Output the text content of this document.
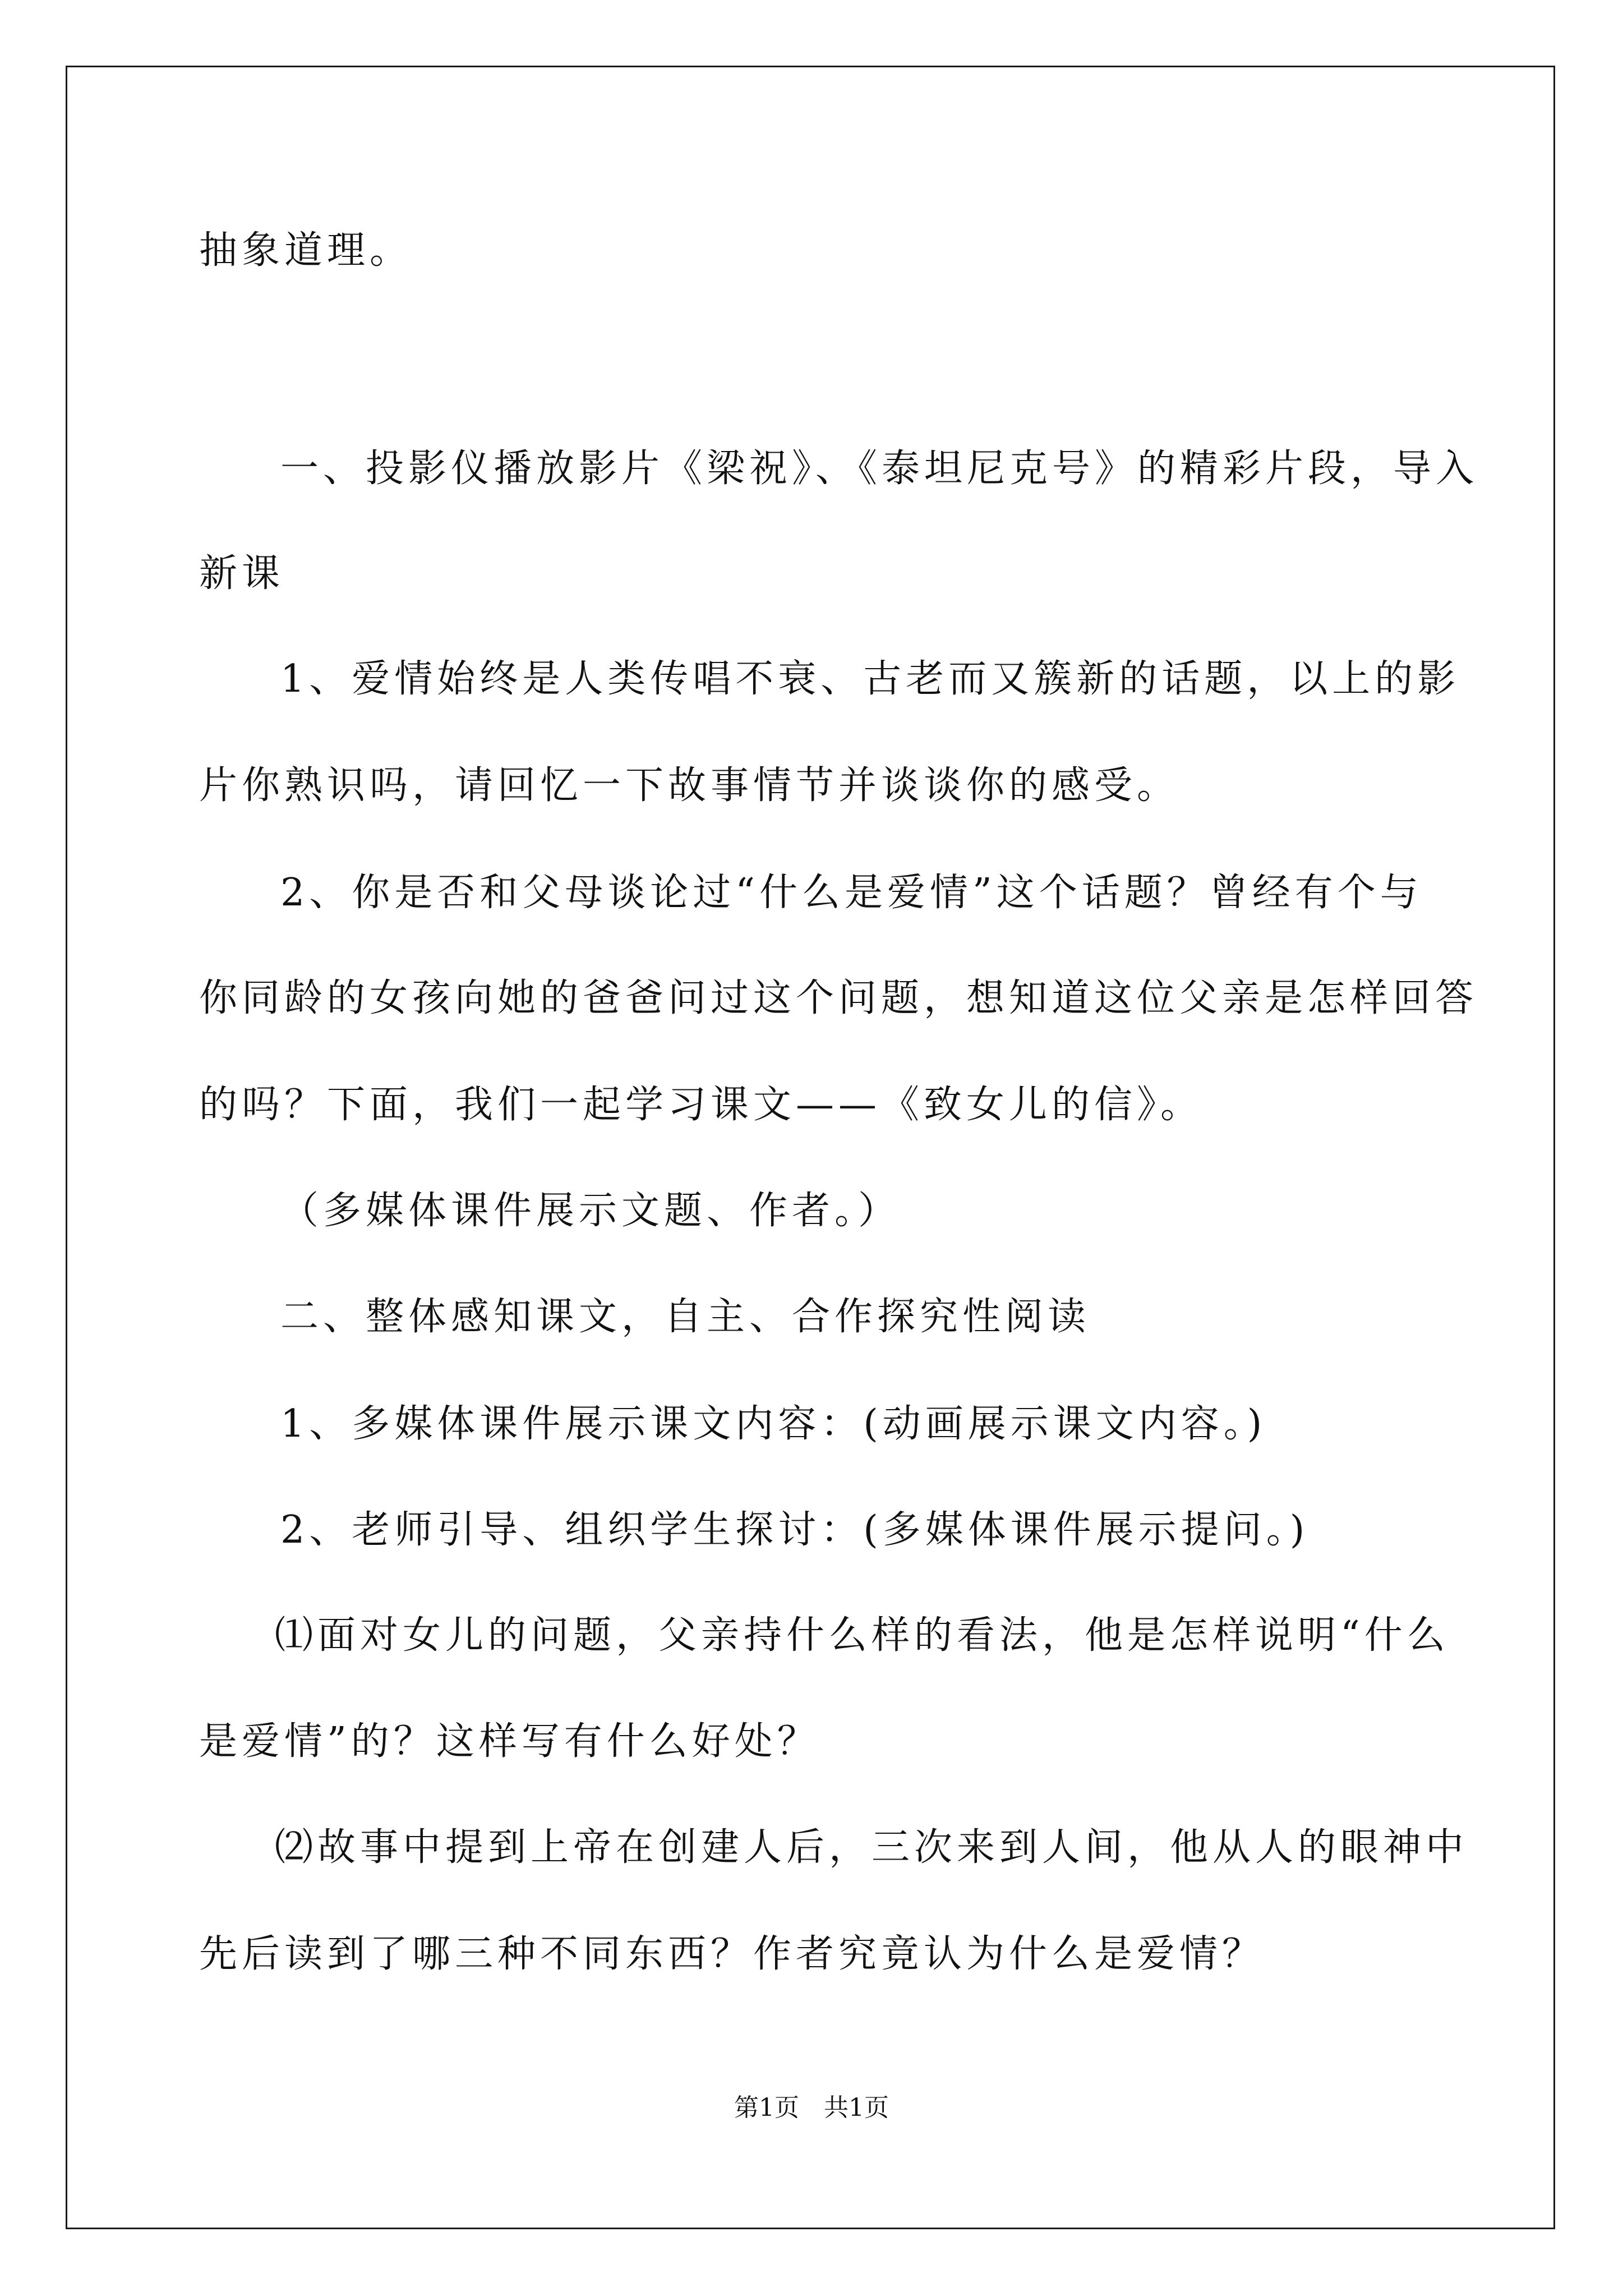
抽象道理。
一、投影仪播放影片《梁祝》、《泰坦尼克号》的精彩片段，导入
新课
1、爱情始终是人类传唱不衰、古老而又簇新的话题，以上的影
片你熟识吗，请回忆一下故事情节并谈谈你的感受。
2、你是否和父母谈论过“什么是爱情”这个话题？曾经有个与
你同龄的女孩向她的爸爸问过这个问题，想知道这位父亲是怎样回答
的吗？下面，我们一起学习课文——《致女儿的信》。
（多媒体课件展示文题、作者。）
二、整体感知课文，自主、合作探究性阅读
1、多媒体课件展示课文内容：(动画展示课文内容。)
2、老师引导、组织学生探讨：(多媒体课件展示提问。)
⑴面对女儿的问题，父亲持什么样的看法，他是怎样说明“什么
是爱情”的？这样写有什么好处？
⑵故事中提到上帝在创建人后，三次来到人间，他从人的眼神中
先后读到了哪三种不同东西？作者究竟认为什么是爱情？
第1页　共1页
